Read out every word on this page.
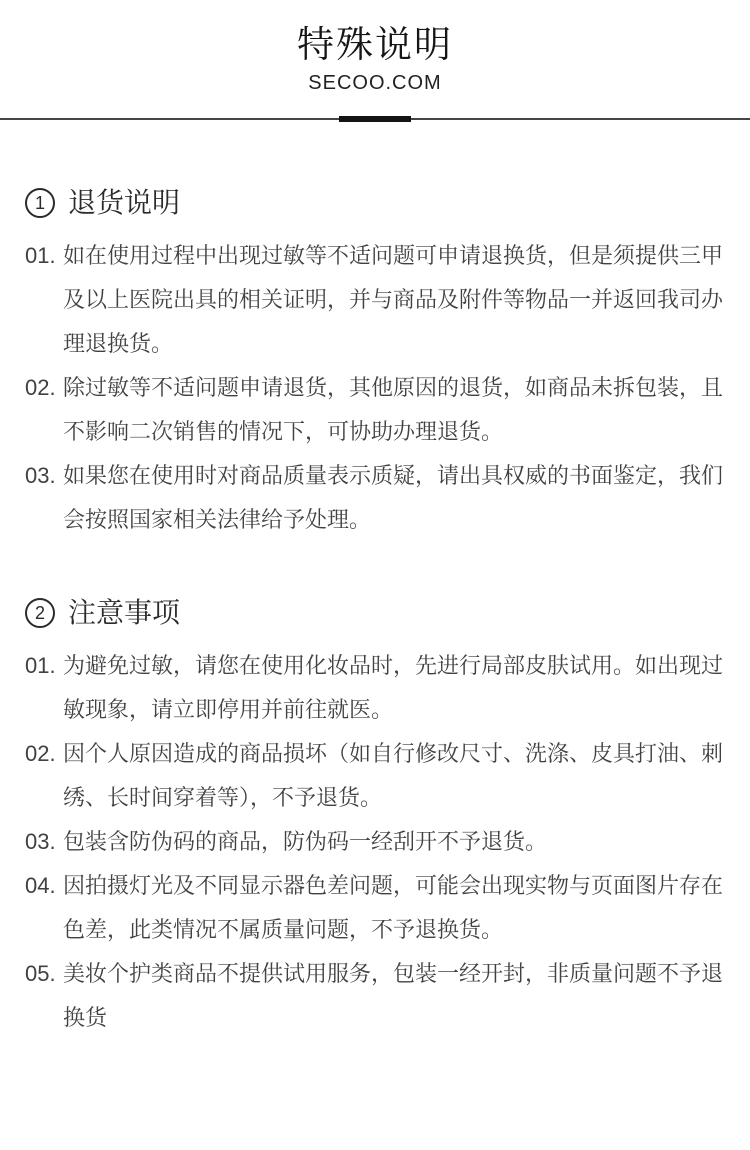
特殊说明
SECOO.COM
1 退货说明
01. 如在使用过程中出现过敏等不适问题可申请退换货，但是须提供三甲
及以上医院出具的相关证明，并与商品及附件等物品一并返回我司办
理退换货。
02. 除过敏等不适问题申请退货，其他原因的退货，如商品未拆包装，且
不影响二次销售的情况下，可协助办理退货。
03. 如果您在使用时对商品质量表示质疑，请出具权威的书面鉴定，我们
会按照国家相关法律给予处理。
2 注意事项
01. 为避免过敏，请您在使用化妆品时，先进行局部皮肤试用。如出现过
敏现象，请立即停用并前往就医。
02. 因个人原因造成的商品损坏（如自行修改尺寸、洗涤、皮具打油、刺
绣、长时间穿着等），不予退货。
03. 包装含防伪码的商品，防伪码一经刮开不予退货。
04. 因拍摄灯光及不同显示器色差问题，可能会出现实物与页面图片存在
色差，此类情况不属质量问题，不予退换货。
05. 美妆个护类商品不提供试用服务，包装一经开封，非质量问题不予退
换货
